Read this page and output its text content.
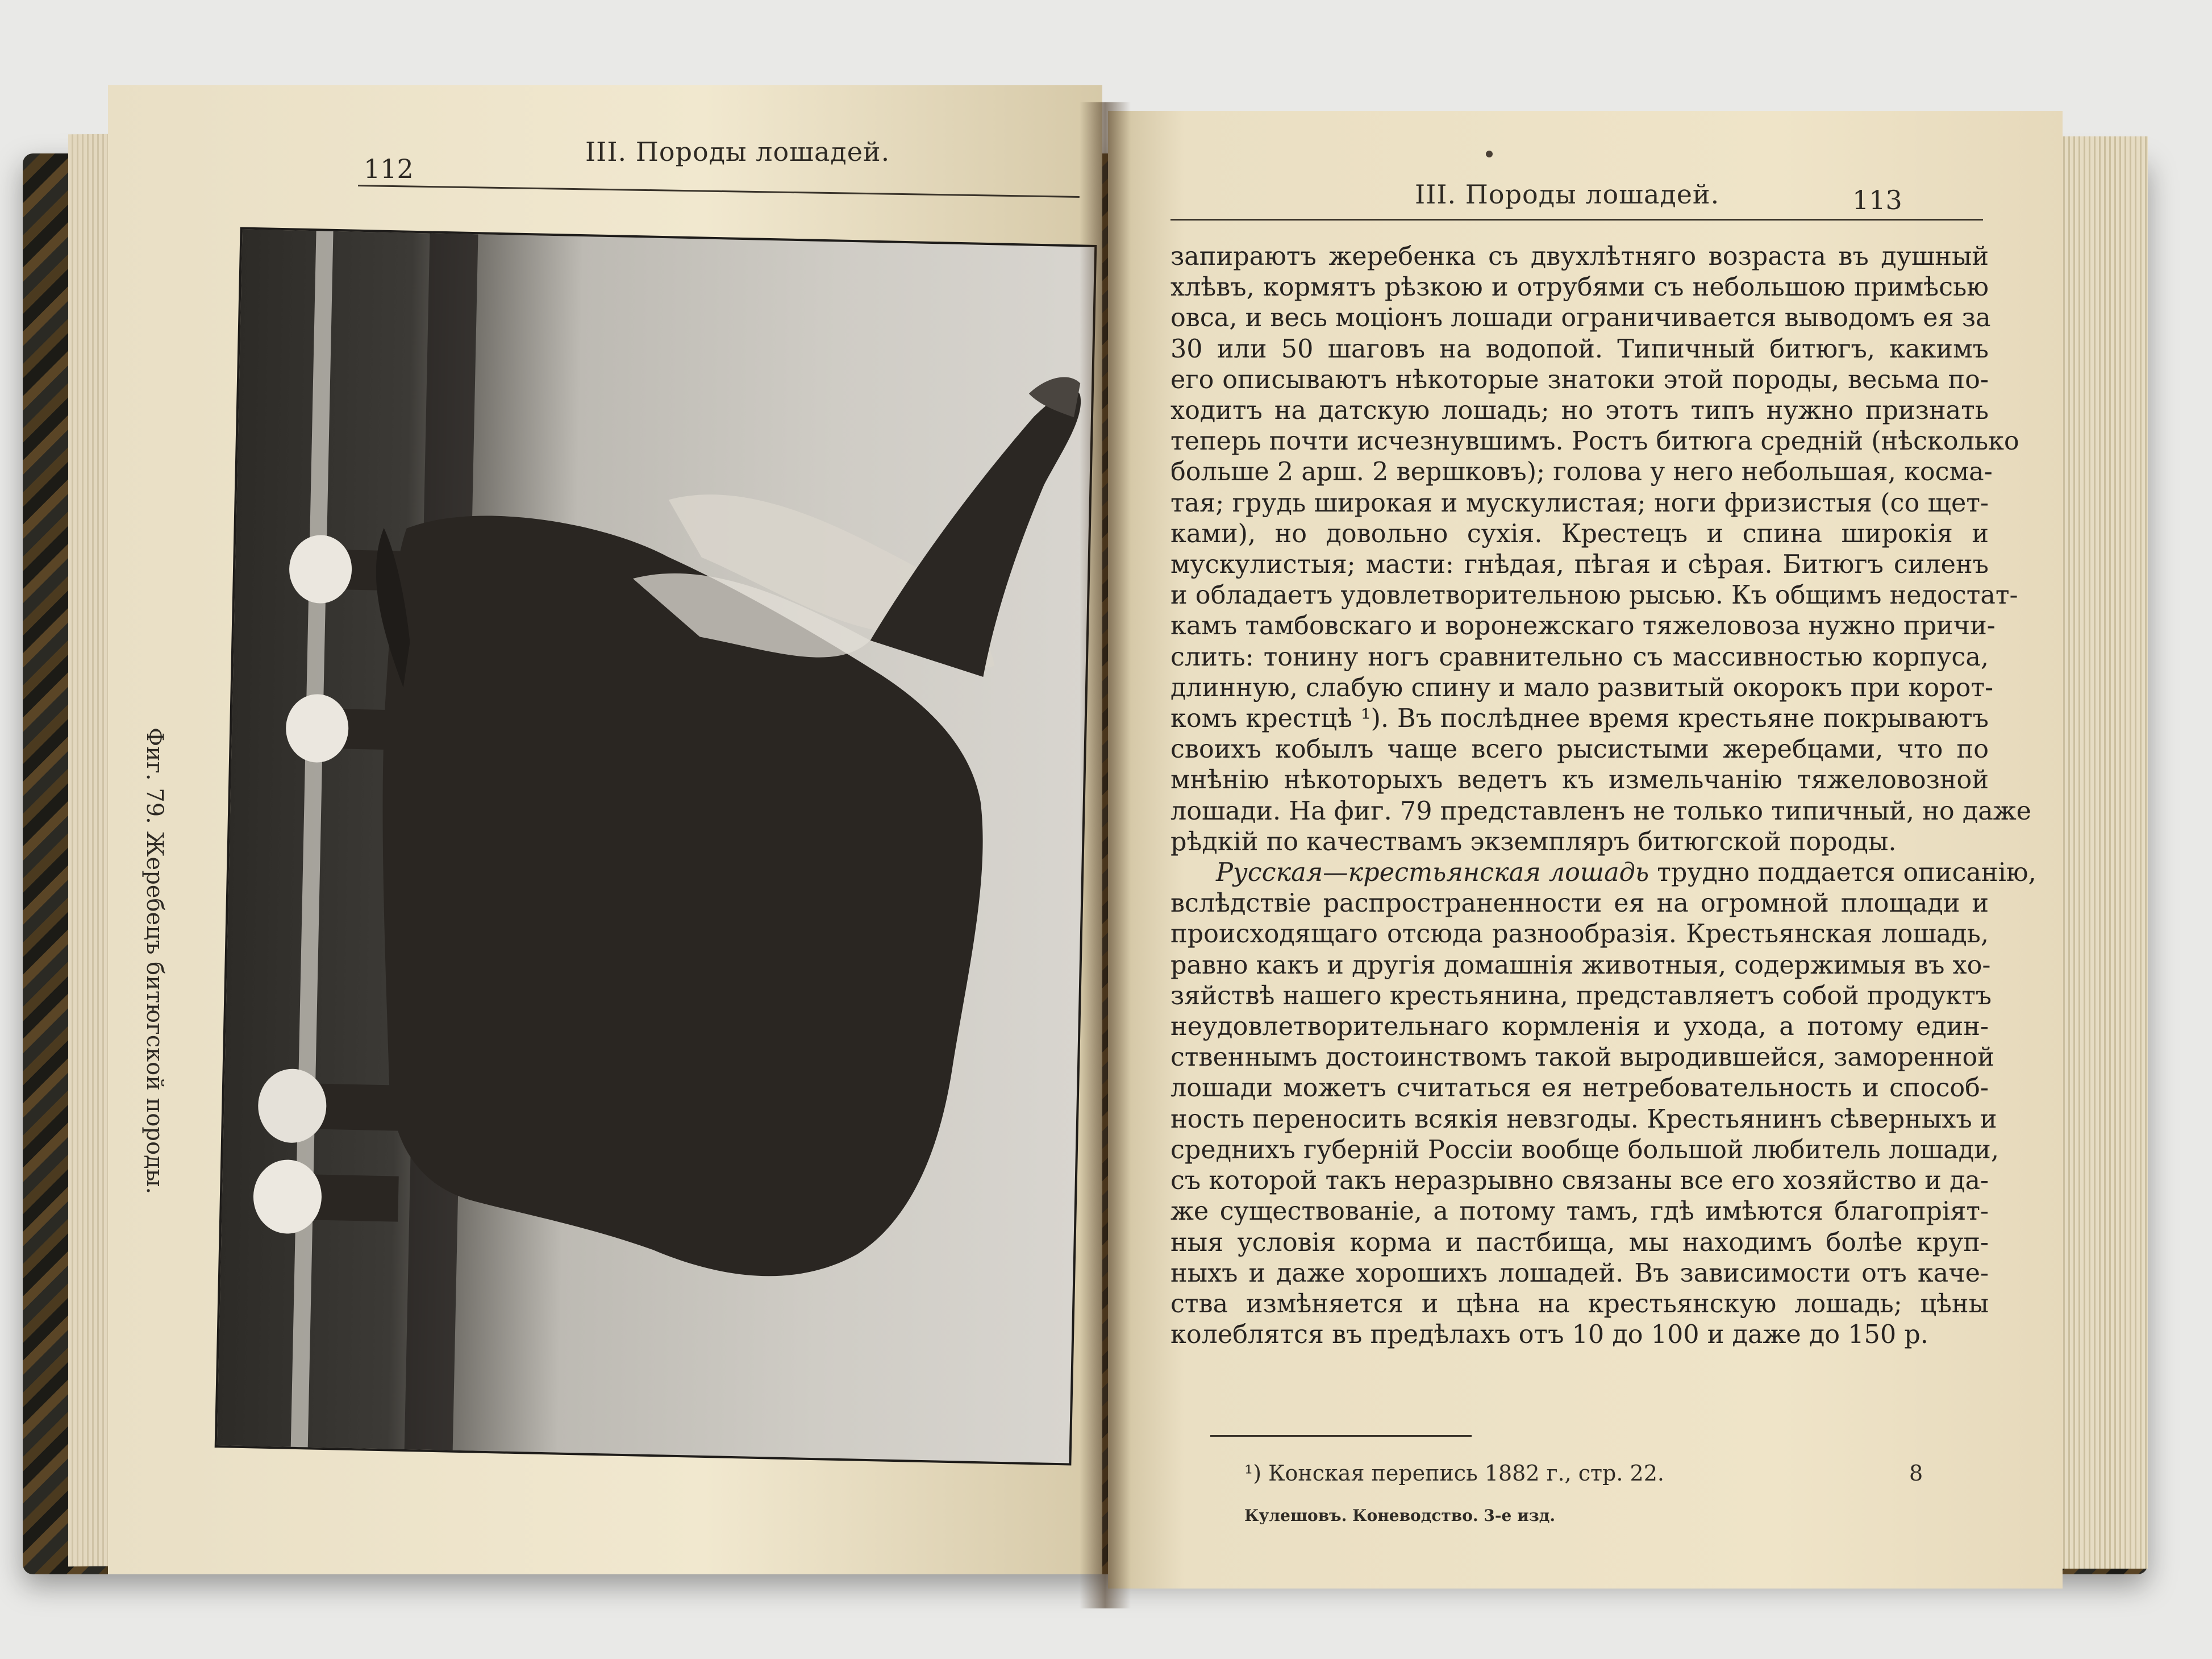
112
III. Породы лошадей.
Фиг. 79. Жеребецъ битюгской породы.
III. Породы лошадей.	113

запираютъ жеребенка съ двухлѣтняго возраста въ душный

хлѣвъ, кормятъ рѣзкою и отрубями съ небольшою примѣсью

овса, и весь моціонъ лошади ограничивается выводомъ ея за

30 или 50 шаговъ на водопой. Типичный битюгъ, какимъ

его описываютъ нѣкоторые знатоки этой породы, весьма по-

ходитъ на датскую лошадь; но этотъ типъ нужно признать

теперь почти исчезнувшимъ. Ростъ битюга средній (нѣсколько

больше 2 арш. 2 вершковъ); голова у него небольшая, косма-

тая; грудь широкая и мускулистая; ноги фризистыя (со щет-

ками), но довольно сухія. Крестецъ и спина широкія и

мускулистыя; масти: гнѣдая, пѣгая и сѣрая. Битюгъ силенъ

и обладаетъ удовлетворительною рысью. Къ общимъ недостат-

камъ тамбовскаго и воронежскаго тяжеловоза нужно причи-

слить: тонину ногъ сравнительно съ массивностью корпуса,

длинную, слабую спину и мало развитый окорокъ при корот-

комъ крестцѣ ¹). Въ послѣднее время крестьяне покрываютъ

своихъ кобылъ чаще всего рысистыми жеребцами, что по

мнѣнію нѣкоторыхъ ведетъ къ измельчанію тяжеловозной

лошади. На фиг. 79 представленъ не только типичный, но даже

рѣдкій по качествамъ экземпляръ битюгской породы.

Русская—крестьянская лошадь трудно поддается описанію,

вслѣдствіе распространенности ея на огромной площади и

происходящаго отсюда разнообразія. Крестьянская лошадь,

равно какъ и другія домашнія животныя, содержимыя въ хо-

зяйствѣ нашего крестьянина, представляетъ собой продуктъ

неудовлетворительнаго кормленія и ухода, а потому един-

ственнымъ достоинствомъ такой выродившейся, заморенной

лошади можетъ считаться ея нетребовательность и способ-

ность переносить всякія невзгоды. Крестьянинъ сѣверныхъ и

среднихъ губерній Россіи вообще большой любитель лошади,

съ которой такъ неразрывно связаны все его хозяйство и да-

же существованіе, а потому тамъ, гдѣ имѣются благопріят-

ныя условія корма и пастбища, мы находимъ болѣе круп-

ныхъ и даже хорошихъ лошадей. Въ зависимости отъ каче-

ства измѣняется и цѣна на крестьянскую лошадь; цѣны

колеблятся въ предѣлахъ отъ 10 до 100 и даже до 150 р.

¹) Конская перепись 1882 г., стр. 22.	8
Кулешовъ. Коневодство. 3-е изд.
